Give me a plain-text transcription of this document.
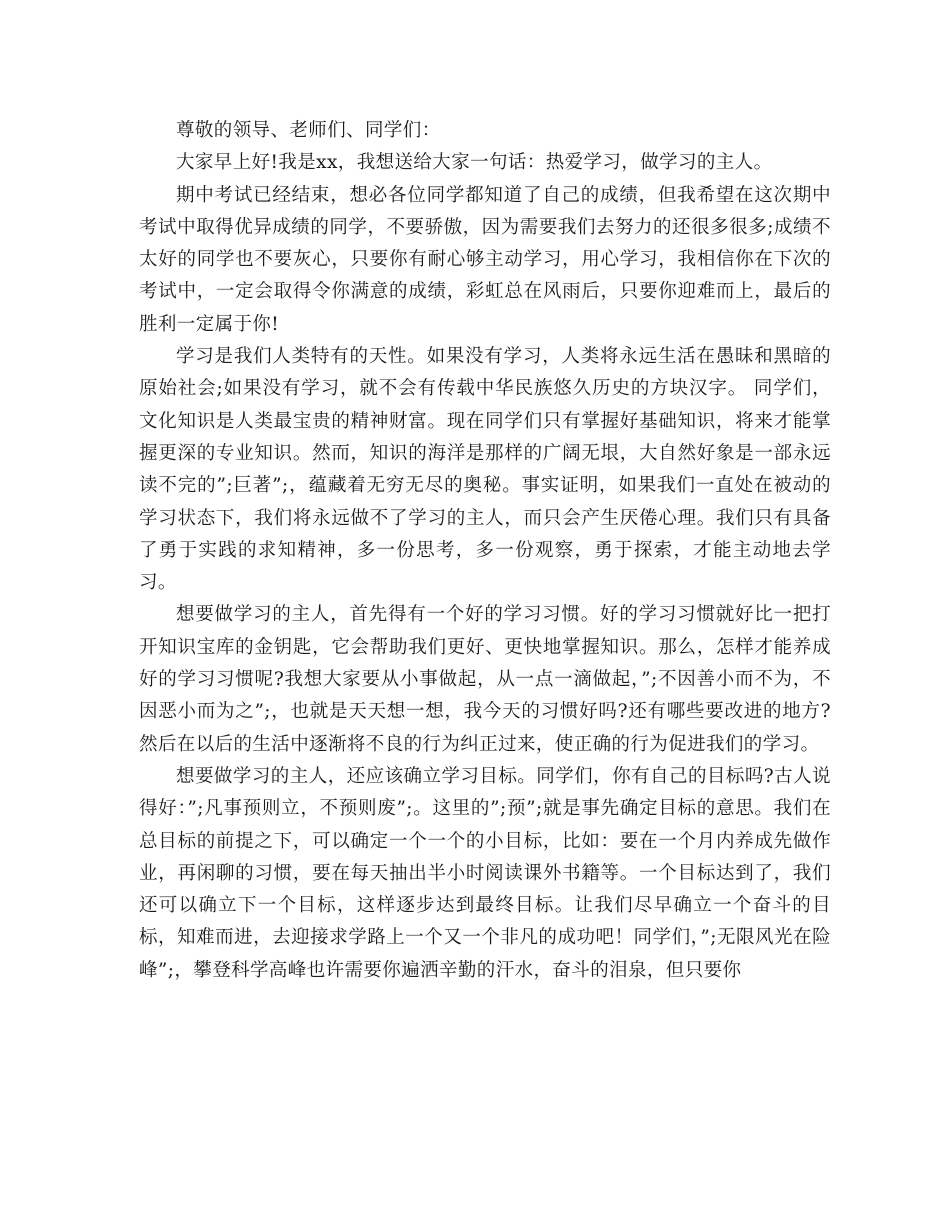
尊敬的领导、老师们、同学们：

大家早上好!我是xx，我想送给大家一句话：热爱学习，做学习的主人。

期中考试已经结束，想必各位同学都知道了自己的成绩，但我希望在这次期中考试中取得优异成绩的同学，不要骄傲，因为需要我们去努力的还很多很多;成绩不太好的同学也不要灰心，只要你有耐心够主动学习，用心学习，我相信你在下次的考试中，一定会取得令你满意的成绩，彩虹总在风雨后，只要你迎难而上，最后的胜利一定属于你!

学习是我们人类特有的天性。如果没有学习，人类将永远生活在愚昧和黑暗的原始社会;如果没有学习，就不会有传载中华民族悠久历史的方块汉字。 同学们，文化知识是人类最宝贵的精神财富。现在同学们只有掌握好基础知识，将来才能掌握更深的专业知识。然而，知识的海洋是那样的广阔无垠，大自然好象是一部永远读不完的”;巨著”;，蕴藏着无穷无尽的奥秘。事实证明，如果我们一直处在被动的学习状态下，我们将永远做不了学习的主人，而只会产生厌倦心理。我们只有具备了勇于实践的求知精神，多一份思考，多一份观察，勇于探索，才能主动地去学习。

想要做学习的主人，首先得有一个好的学习习惯。好的学习习惯就好比一把打开知识宝库的金钥匙，它会帮助我们更好、更快地掌握知识。那么，怎样才能养成好的学习习惯呢?我想大家要从小事做起，从一点一滴做起，”;不因善小而不为，不因恶小而为之”;，也就是天天想一想，我今天的习惯好吗?还有哪些要改进的地方?然后在以后的生活中逐渐将不良的行为纠正过来，使正确的行为促进我们的学习。

想要做学习的主人，还应该确立学习目标。同学们，你有自己的目标吗?古人说得好：”;凡事预则立，不预则废”;。这里的”;预”;就是事先确定目标的意思。我们在总目标的前提之下，可以确定一个一个的小目标，比如：要在一个月内养成先做作业，再闲聊的习惯，要在每天抽出半小时阅读课外书籍等。一个目标达到了，我们还可以确立下一个目标，这样逐步达到最终目标。让我们尽早确立一个奋斗的目标，知难而进，去迎接求学路上一个又一个非凡的成功吧！同学们，”;无限风光在险峰”;，攀登科学高峰也许需要你遍洒辛勤的汗水，奋斗的泪泉，但只要你
